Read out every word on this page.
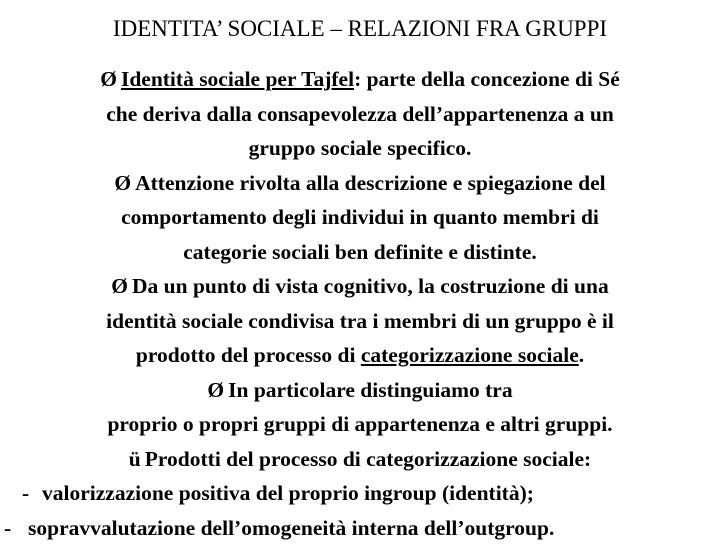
IDENTITA’ SOCIALE – RELAZIONI FRA GRUPPI
Ø Identità sociale per Tajfel: parte della concezione di Sé
che deriva dalla consapevolezza dell’appartenenza a un
gruppo sociale specifico.
Ø Attenzione rivolta alla descrizione e spiegazione del
comportamento degli individui in quanto membri di
categorie sociali ben definite e distinte.
Ø Da un punto di vista cognitivo, la costruzione di una
identità sociale condivisa tra i membri di un gruppo è il
prodotto del processo di categorizzazione sociale.
Ø In particolare distinguiamo tra
proprio o propri gruppi di appartenenza e altri gruppi.
ü Prodotti del processo di categorizzazione sociale:
- valorizzazione positiva del proprio ingroup (identità);
- sopravvalutazione dell’omogeneità interna dell’outgroup.
